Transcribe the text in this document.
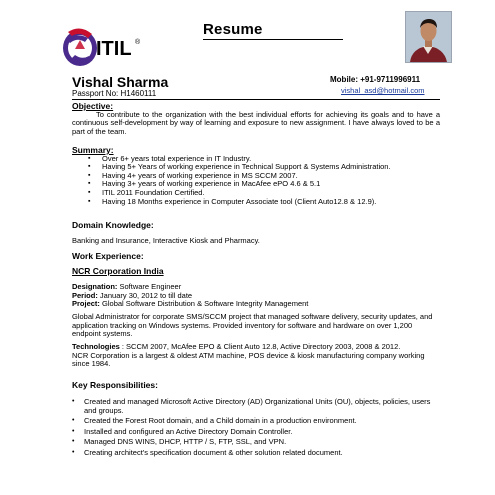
ITIL ®
Resume
Vishal Sharma
Passport No: H1460111
Mobile: +91-9711996911
vishal_asd@hotmail.com
Objective:

To contribute to the organization with the best individual efforts for achieving its goals and to have a continuous self-development by way of learning and exposure to new assignment. I have always loved to be a part of the team.

Summary:
▪ Over 6+ years total experience in IT Industry.
▪ Having 5+ Years of working experience in Technical Support & Systems Administration.
▪ Having 4+ years of working experience in MS SCCM 2007.
▪ Having 3+ years of working experience in MacAfee ePO 4.6 & 5.1
▪ ITIL 2011 Foundation Certified.
▪ Having 18 Months experience in Computer Associate tool (Client Auto12.8 & 12.9).
Domain Knowledge:

Banking and Insurance, Interactive Kiosk and Pharmacy.

Work Experience:
NCR Corporation India

Designation: Software Engineer

Period: January 30, 2012 to till date

Project: Global Software Distribution & Software Integrity Management

Global Administrator for corporate SMS/SCCM project that managed software delivery, security updates, and application tracking on Windows systems. Provided inventory for software and hardware on over 1,200 endpoint systems.

Technologies : SCCM 2007, McAfee EPO & Client Auto 12.8, Active Directory 2003, 2008 & 2012.

NCR Corporation is a largest & oldest ATM machine, POS device & kiosk manufacturing company working since 1984.

Key Responsibilities:
• Created and managed Microsoft Active Directory (AD) Organizational Units (OU), objects, policies, users and groups.
• Created the Forest Root domain, and a Child domain in a production environment.
• Installed and configured an Active Directory Domain Controller.
• Managed DNS WINS, DHCP, HTTP / S, FTP, SSL, and VPN.
• Creating architect's specification document & other solution related document.
